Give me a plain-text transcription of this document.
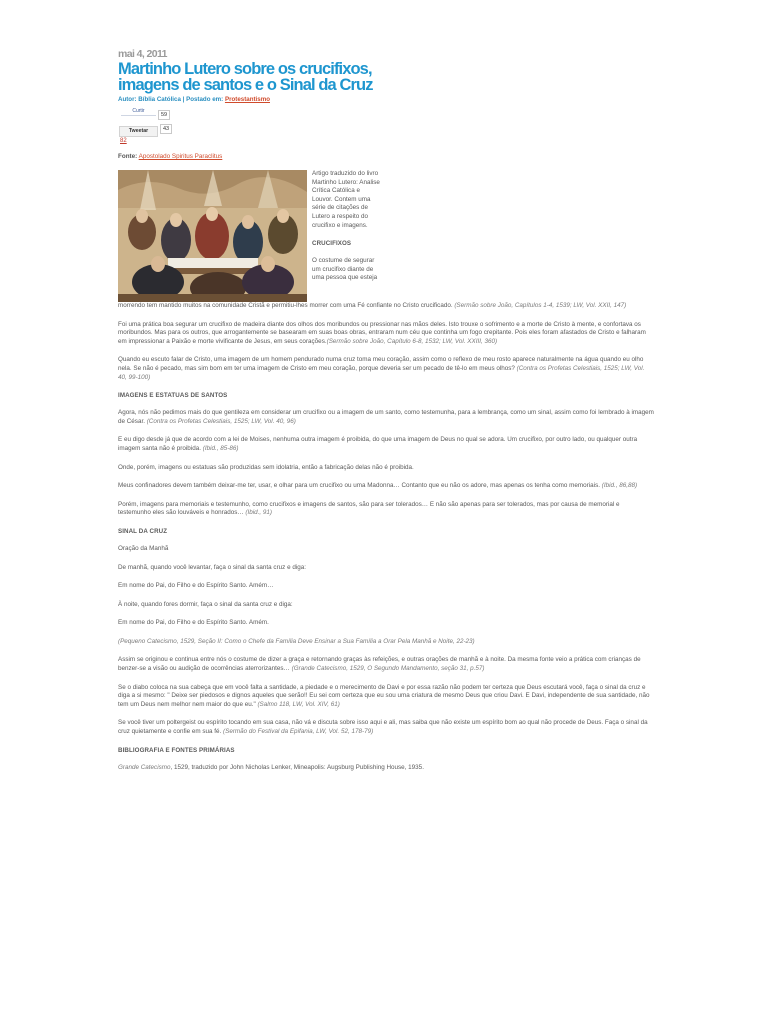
mai 4, 2011
Martinho Lutero sobre os crucifixos,
imagens de santos e o Sinal da Cruz
Autor: Bíblia Católica | Postado em: Protestantismo
Curtir
59
Tweetar	43
82
Fonte: Apostolado Spiritus Paraclitus

Artigo traduzido do livro Martinho Lutero: Analise Crítica Católica e Louvor. Contem uma série de citações de Lutero a respeito do crucifixo e imagens.

CRUCIFIXOS

O costume de segurar um crucifixo diante de uma pessoa que esteja

morrendo tem mantido muitos na comunidade Cristã e permitiu-lhes morrer com uma Fé confiante no Cristo crucificado. (Sermão sobre João, Capítulos 1-4, 1539; LW, Vol. XXII, 147)

Foi uma prática boa segurar um crucifixo de madeira diante dos olhos dos moribundos ou pressionar nas mãos deles. Isto trouxe o sofrimento e a morte de Cristo à mente, e confortava os moribundos. Mas para os outros, que arrogantemente se basearam em suas boas obras, entraram num céu que continha um fogo crepitante. Pois eles foram afastados de Cristo e falharam em impressionar a Paixão e morte vivificante de Jesus, em seus corações.(Sermão sobre João, Capítulo 6-8, 1532; LW, Vol. XXIII, 360)

Quando eu escuto falar de Cristo, uma imagem de um homem pendurado numa cruz toma meu coração, assim como o reflexo de meu rosto aparece naturalmente na água quando eu olho nela. Se não é pecado, mas sim bom em ter uma imagem de Cristo em meu coração, porque deveria ser um pecado de tê-lo em meus olhos? (Contra os Profetas Celestiais, 1525; LW, Vol. 40, 99-100)

IMAGENS E ESTATUAS DE SANTOS

Agora, nós não pedimos mais do que gentileza em considerar um crucifixo ou a imagem de um santo, como testemunha, para a lembrança, como um sinal, assim como foi lembrado à imagem de César. (Contra os Profetas Celestiais, 1525; LW, Vol. 40, 96)

E eu digo desde já que de acordo com a lei de Moises, nenhuma outra imagem é proibida, do que uma imagem de Deus no qual se adora. Um crucifixo, por outro lado, ou qualquer outra imagem santa não é proibida. (Ibid., 85-86)

Onde, porém, imagens ou estatuas são produzidas sem idolatria, então a fabricação delas não é proibida.

Meus confinadores devem também deixar-me ter, usar, e olhar para um crucifixo ou uma Madonna… Contanto que eu não os adore, mas apenas os tenha como memoriais. (Ibid., 86,88)

Porém, imagens para memoriais e testemunho, como crucifixos e imagens de santos, são para ser tolerados… E não são apenas para ser tolerados, mas por causa de memorial e testemunho eles são louváveis e honrados… (Ibid., 91)

SINAL DA CRUZ

Oração da Manhã

De manhã, quando você levantar, faça o sinal da santa cruz e diga:

Em nome do Pai, do Filho e do Espírito Santo. Amém…

À noite, quando fores dormir, faça o sinal da santa cruz e diga:

Em nome do Pai, do Filho e do Espírito Santo. Amém.

(Pequeno Catecismo, 1529, Seção II: Como o Chefe da Família Deve Ensinar a Sua Família a Orar Pela Manhã e Noite, 22-23)

Assim se originou e continua entre nós o costume de dizer a graça e retornando graças às refeições, e outras orações de manhã e à noite. Da mesma fonte veio a prática com crianças de benzer-se a visão ou audição de ocorrências aterrorizantes… (Grande Catecismo, 1529, O Segundo Mandamento, seção 31, p.57)

Se o diabo coloca na sua cabeça que em você falta a santidade, a piedade e o merecimento de Davi e por essa razão não podem ter certeza que Deus escutará você, faça o sinal da cruz e diga a si mesmo: " Deixe ser piedosos e dignos aqueles que serão!! Eu sei com certeza que eu sou uma criatura de mesmo Deus que criou Davi. E Davi, independente de sua santidade, não tem um Deus nem melhor nem maior do que eu." (Salmo 118, LW, Vol. XIV, 61)

Se você tiver um poltergeist ou espírito tocando em sua casa, não vá e discuta sobre isso aqui e ali, mas saiba que não existe um espírito bom ao qual não procede de Deus. Faça o sinal da cruz quietamente e confie em sua fé. (Sermão do Festival da Epifania, LW, Vol. 52, 178-79)

BIBLIOGRAFIA E FONTES PRIMÁRIAS

Grande Catecismo, 1529, traduzido por John Nicholas Lenker, Mineapolis: Augsburg Publishing House, 1935.
